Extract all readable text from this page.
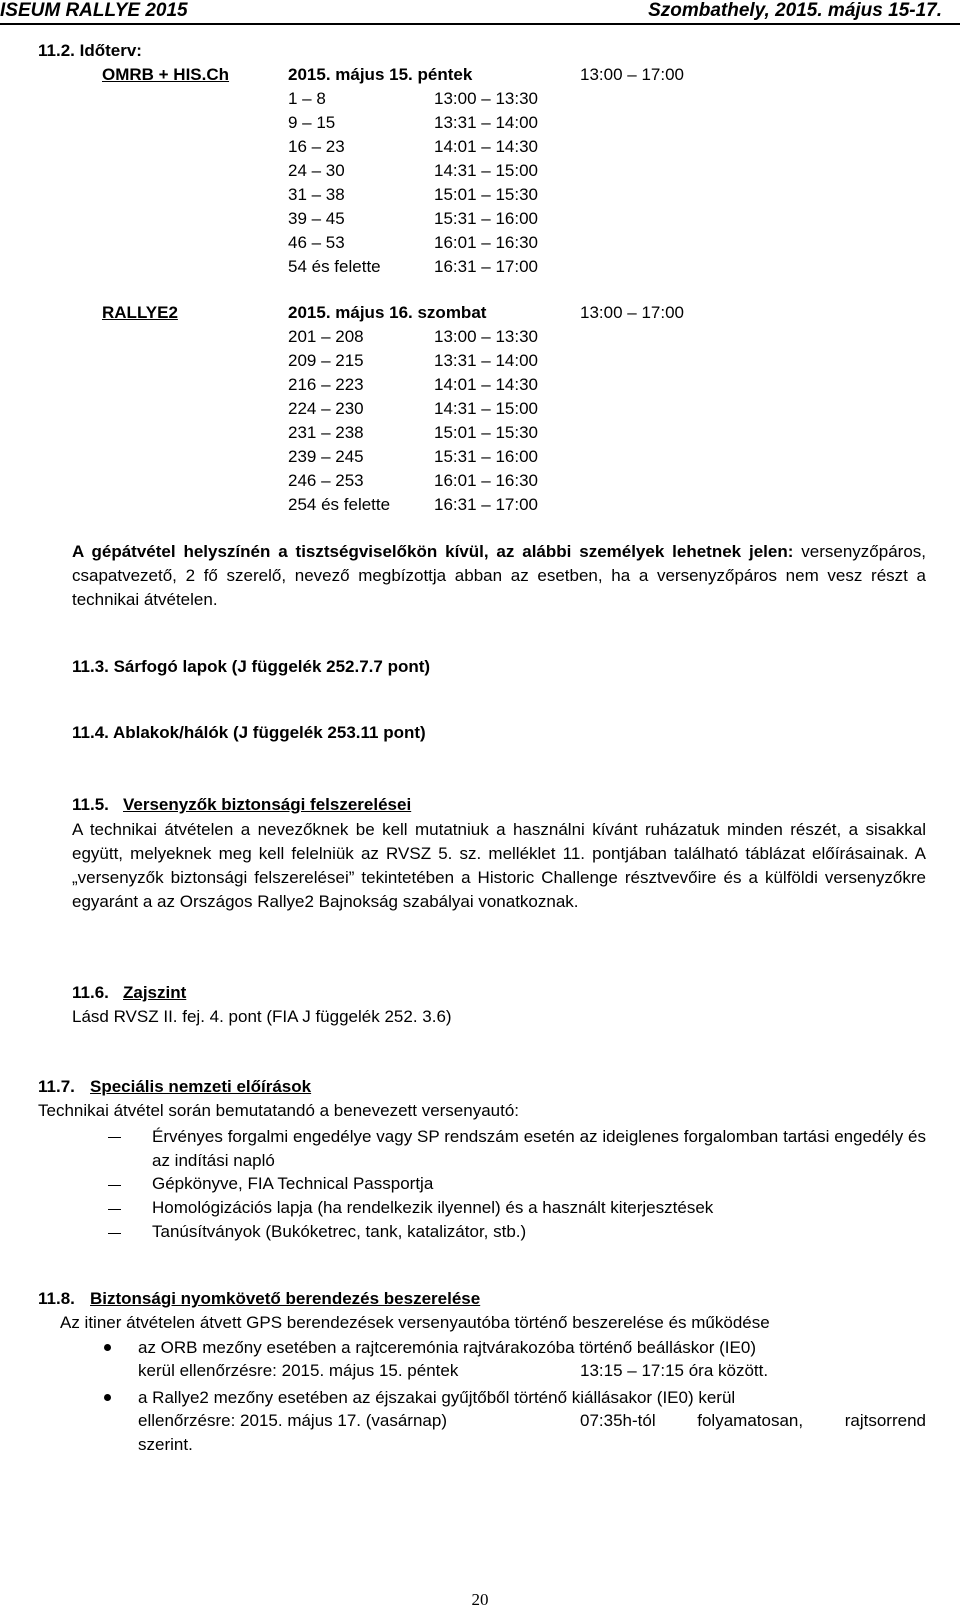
ISEUM RALLYE 2015	Szombathely, 2015. május 15-17.
11.2. Időterv:
OMRB + HIS.Ch	2015. május 15. péntek	13:00 – 17:00
1 – 8	13:00 – 13:30
9 – 15	13:31 – 14:00
16 – 23	14:01 – 14:30
24 – 30	14:31 – 15:00
31 – 38	15:01 – 15:30
39 – 45	15:31 – 16:00
46 – 53	16:01 – 16:30
54 és felette	16:31 – 17:00
RALLYE2	2015. május 16. szombat	13:00 – 17:00
201 – 208	13:00 – 13:30
209 – 215	13:31 – 14:00
216 – 223	14:01 – 14:30
224 – 230	14:31 – 15:00
231 – 238	15:01 – 15:30
239 – 245	15:31 – 16:00
246 – 253	16:01 – 16:30
254 és felette	16:31 – 17:00
A gépátvétel helyszínén a tisztségviselőkön kívül, az alábbi személyek lehetnek jelen: versenyzőpáros, csapatvezető, 2 fő szerelő, nevező megbízottja abban az esetben, ha a versenyzőpáros nem vesz részt a technikai átvételen.
11.3. Sárfogó lapok (J függelék 252.7.7 pont)
11.4. Ablakok/hálók (J függelék 253.11 pont)
11.5. Versenyzők biztonsági felszerelései
A technikai átvételen a nevezőknek be kell mutatniuk a használni kívánt ruházatuk minden részét, a sisakkal együtt, melyeknek meg kell felelniük az RVSZ 5. sz. melléklet 11. pontjában található táblázat előírásainak. A „versenyzők biztonsági felszerelései” tekintetében a Historic Challenge résztvevőire és a külföldi versenyzőkre egyaránt a az Országos Rallye2 Bajnokság szabályai vonatkoznak.
11.6. Zajszint
Lásd RVSZ II. fej. 4. pont (FIA J függelék 252. 3.6)
11.7. Speciális nemzeti előírások
Technikai átvétel során bemutatandó a benevezett versenyautó:
Érvényes forgalmi engedélye vagy SP rendszám esetén az ideiglenes forgalomban tartási engedély és az indítási napló
Gépkönyve, FIA Technical Passportja
Homológizációs lapja (ha rendelkezik ilyennel) és a használt kiterjesztések
Tanúsítványok (Bukóketrec, tank, katalizátor, stb.)
11.8. Biztonsági nyomkövető berendezés beszerelése
Az itiner átvételen átvett GPS berendezések versenyautóba történő beszerelése és működése
az ORB mezőny esetében a rajtceremónia rajtvárakozóba történő beálláskor (IE0)
kerül ellenőrzésre: 2015. május 15. péntek	13:15 – 17:15 óra között.
a Rallye2 mezőny esetében az éjszakai gyűjtőből történő kiállásakor (IE0) kerül
ellenőrzésre: 2015. május 17. (vasárnap)	07:35h-tól folyamatosan, rajtsorrend
szerint.
20
